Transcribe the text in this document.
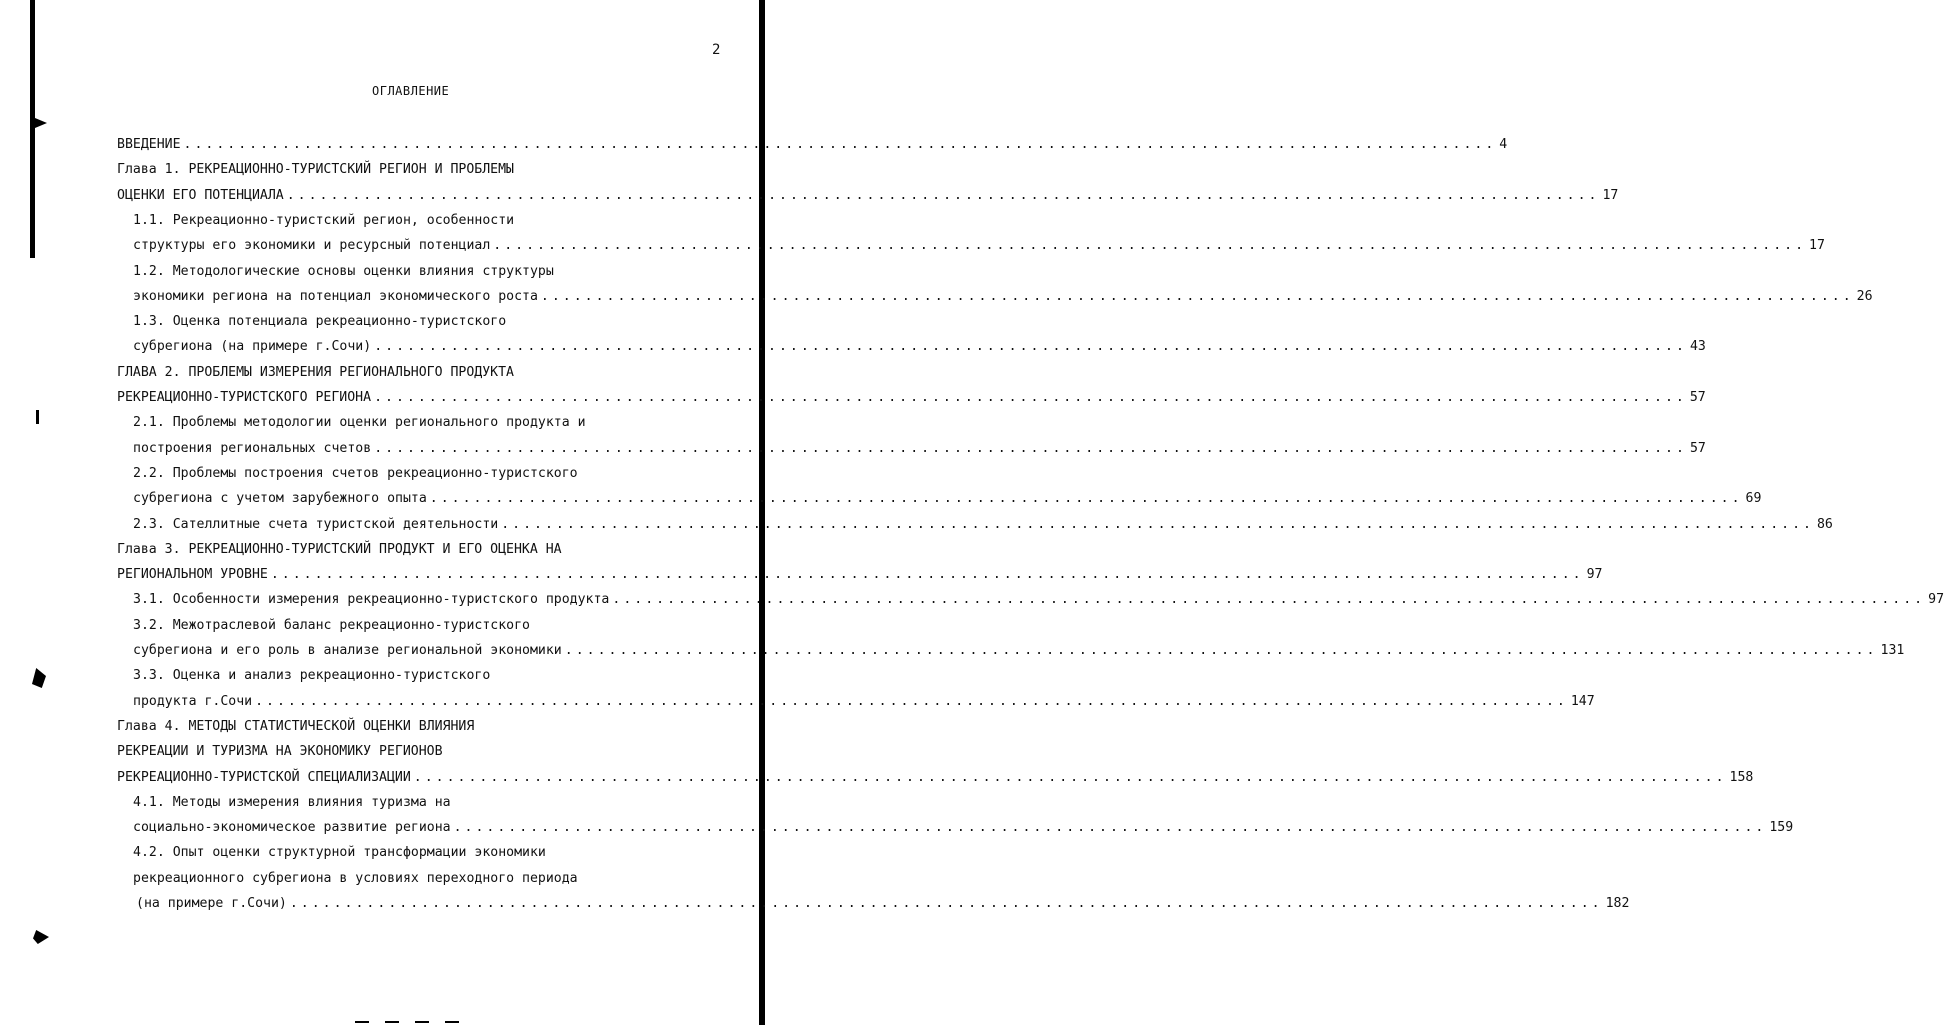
2
ОГЛАВЛЕНИЕ
ВВЕДЕНИЕ ........................................................................................................................ 4
Глава 1. РЕКРЕАЦИОННО-ТУРИСТСКИЙ РЕГИОН И ПРОБЛЕМЫ
ОЦЕНКИ ЕГО ПОТЕНЦИАЛА ........................................................................................................................ 17
1.1. Рекреационно-туристский регион, особенности
структуры его экономики и ресурсный потенциал ........................................................................................................................ 17
1.2. Методологические основы оценки влияния структуры
экономики региона на потенциал экономического роста ........................................................................................................................ 26
1.3. Оценка потенциала рекреационно-туристского
субрегиона (на примере г.Сочи) ........................................................................................................................ 43
ГЛАВА 2. ПРОБЛЕМЫ ИЗМЕРЕНИЯ РЕГИОНАЛЬНОГО ПРОДУКТА
РЕКРЕАЦИОННО-ТУРИСТСКОГО РЕГИОНА ........................................................................................................................ 57
2.1. Проблемы методологии оценки регионального продукта и
построения региональных счетов ........................................................................................................................ 57
2.2. Проблемы построения счетов рекреационно-туристского
субрегиона с учетом зарубежного опыта ........................................................................................................................ 69
2.3. Сателлитные счета туристской деятельности ........................................................................................................................ 86
Глава 3. РЕКРЕАЦИОННО-ТУРИСТСКИЙ ПРОДУКТ И ЕГО ОЦЕНКА НА
РЕГИОНАЛЬНОМ УРОВНЕ ........................................................................................................................ 97
3.1. Особенности измерения рекреационно-туристского продукта ........................................................................................................................ 97
3.2. Межотраслевой баланс рекреационно-туристского
субрегиона и его роль в анализе региональной экономики ........................................................................................................................ 131
3.3. Оценка и анализ рекреационно-туристского
продукта г.Сочи ........................................................................................................................ 147
Глава 4. МЕТОДЫ СТАТИСТИЧЕСКОЙ ОЦЕНКИ ВЛИЯНИЯ
РЕКРЕАЦИИ И ТУРИЗМА НА ЭКОНОМИКУ РЕГИОНОВ
РЕКРЕАЦИОННО-ТУРИСТСКОЙ СПЕЦИАЛИЗАЦИИ ........................................................................................................................ 158
4.1. Методы измерения влияния туризма на
социально-экономическое развитие региона ........................................................................................................................ 159
4.2. Опыт оценки структурной трансформации экономики
рекреационного субрегиона в условиях переходного периода
(на примере г.Сочи) ........................................................................................................................ 182
